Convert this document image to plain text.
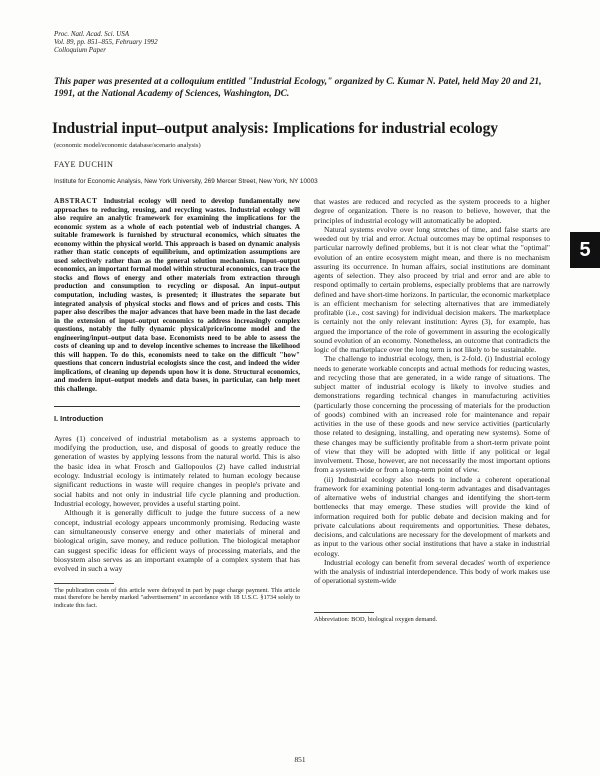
Proc. Natl. Acad. Sci. USA
Vol. 89, pp. 851–855, February 1992
Colloquium Paper
This paper was presented at a colloquium entitled "Industrial Ecology," organized by C. Kumar N. Patel, held May 20 and 21, 1991, at the National Academy of Sciences, Washington, DC.
Industrial input–output analysis: Implications for industrial ecology
(economic model/economic database/scenario analysis)
FAYE DUCHIN
Institute for Economic Analysis, New York University, 269 Mercer Street, New York, NY 10003

ABSTRACT Industrial ecology will need to develop fundamentally new approaches to reducing, reusing, and recycling wastes. Industrial ecology will also require an analytic framework for examining the implications for the economic system as a whole of each potential web of industrial changes. A suitable framework is furnished by structural economics, which situates the economy within the physical world. This approach is based on dynamic analysis rather than static concepts of equilibrium, and optimization assumptions are used selectively rather than as the general solution mechanism. Input–output economics, an important formal model within structural economics, can trace the stocks and flows of energy and other materials from extraction through production and consumption to recycling or disposal. An input–output computation, including wastes, is presented; it illustrates the separate but integrated analysis of physical stocks and flows and of prices and costs. This paper also describes the major advances that have been made in the last decade in the extension of input–output economics to address increasingly complex questions, notably the fully dynamic physical/price/income model and the engineering/input–output data base. Economists need to be able to assess the costs of cleaning up and to develop incentive schemes to increase the likelihood this will happen. To do this, economists need to take on the difficult "how" questions that concern industrial ecologists since the cost, and indeed the wider implications, of cleaning up depends upon how it is done. Structural economics, and modern input–output models and data bases, in particular, can help meet this challenge.

I. Introduction

Ayres (1) conceived of industrial metabolism as a systems approach to modifying the production, use, and disposal of goods to greatly reduce the generation of wastes by applying lessons from the natural world. This is also the basic idea in what Frosch and Gallopoulos (2) have called industrial ecology. Industrial ecology is intimately related to human ecology because significant reductions in waste will require changes in people's private and social habits and not only in industrial life cycle planning and production. Industrial ecology, however, provides a useful starting point.

Although it is generally difficult to judge the future success of a new concept, industrial ecology appears uncommonly promising. Reducing waste can simultaneously conserve energy and other materials of mineral and biological origin, save money, and reduce pollution. The biological metaphor can suggest specific ideas for efficient ways of processing materials, and the biosystem also serves as an important example of a complex system that has evolved in such a way

The publication costs of this article were defrayed in part by page charge payment. This article must therefore be hereby marked "advertisement" in accordance with 18 U.S.C. §1734 solely to indicate this fact.

that wastes are reduced and recycled as the system proceeds to a higher degree of organization. There is no reason to believe, however, that the principles of industrial ecology will automatically be adopted.

Natural systems evolve over long stretches of time, and false starts are weeded out by trial and error. Actual outcomes may be optimal responses to particular narrowly defined problems, but it is not clear what the "optimal" evolution of an entire ecosystem might mean, and there is no mechanism assuring its occurrence. In human affairs, social institutions are dominant agents of selection. They also proceed by trial and error and are able to respond optimally to certain problems, especially problems that are narrowly defined and have short-time horizons. In particular, the economic marketplace is an efficient mechanism for selecting alternatives that are immediately profitable (i.e., cost saving) for individual decision makers. The marketplace is certainly not the only relevant institution: Ayres (3), for example, has argued the importance of the role of government in assuring the ecologically sound evolution of an economy. Nonetheless, an outcome that contradicts the logic of the marketplace over the long term is not likely to be sustainable.

The challenge to industrial ecology, then, is 2-fold. (i) Industrial ecology needs to generate workable concepts and actual methods for reducing wastes, and recycling those that are generated, in a wide range of situations. The subject matter of industrial ecology is likely to involve studies and demonstrations regarding technical changes in manufacturing activities (particularly those concerning the processing of materials for the production of goods) combined with an increased role for maintenance and repair activities in the use of these goods and new service activities (particularly those related to designing, installing, and operating new systems). Some of these changes may be sufficiently profitable from a short-term private point of view that they will be adopted with little if any political or legal involvement. Those, however, are not necessarily the most important options from a system-wide or from a long-term point of view.

(ii) Industrial ecology also needs to include a coherent operational framework for examining potential long-term advantages and disadvantages of alternative webs of industrial changes and identifying the short-term bottlenecks that may emerge. These studies will provide the kind of information required both for public debate and decision making and for private calculations about requirements and opportunities. These debates, decisions, and calculations are necessary for the development of markets and as input to the various other social institutions that have a stake in industrial ecology.

Industrial ecology can benefit from several decades' worth of experience with the analysis of industrial interdependence. This body of work makes use of operational system-wide

Abbreviation: BOD, biological oxygen demand.

5
851
